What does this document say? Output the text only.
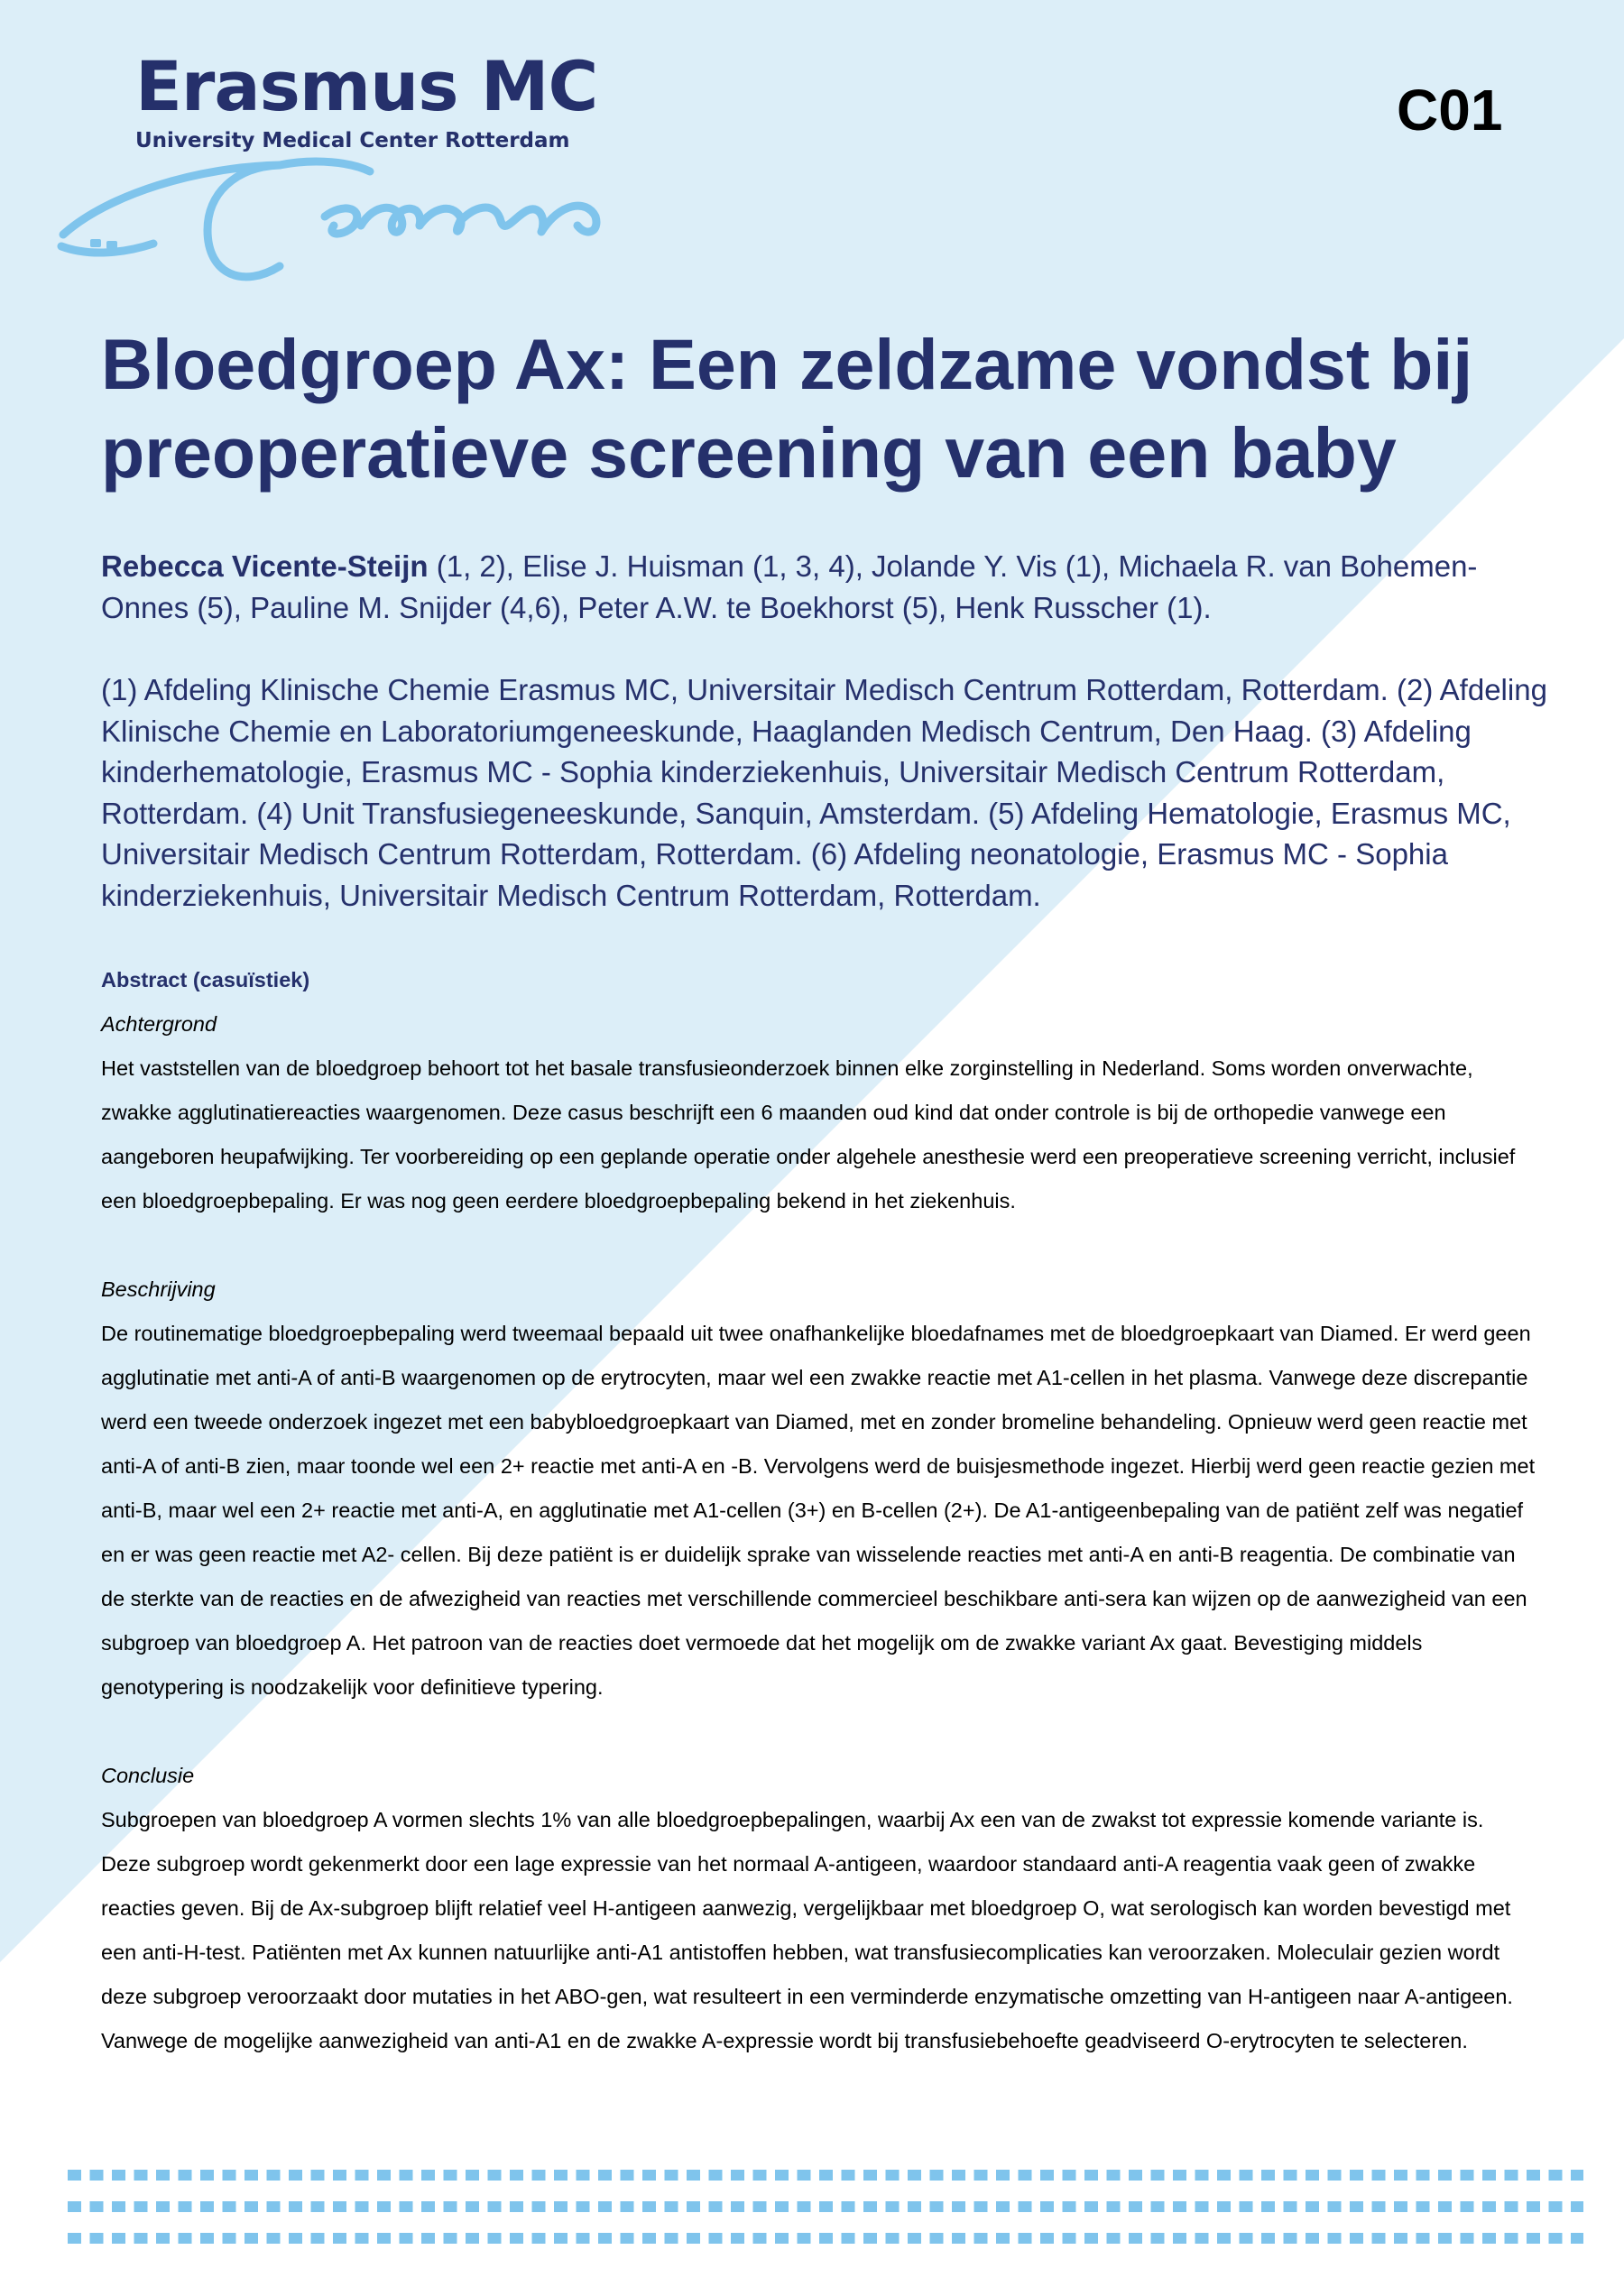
Erasmus MC
University Medical Center Rotterdam	C01
Bloedgroep Ax: Een zeldzame vondst bij preoperatieve screening van een baby

Rebecca Vicente-Steijn (1, 2), Elise J. Huisman (1, 3, 4), Jolande Y. Vis (1), Michaela R. van Bohemen-Onnes (5), Pauline M. Snijder (4,6), Peter A.W. te Boekhorst (5), Henk Russcher (1).

(1) Afdeling Klinische Chemie Erasmus MC, Universitair Medisch Centrum Rotterdam, Rotterdam. (2) Afdeling Klinische Chemie en Laboratoriumgeneeskunde, Haaglanden Medisch Centrum, Den Haag. (3) Afdeling kinderhematologie, Erasmus MC - Sophia kinderziekenhuis, Universitair Medisch Centrum Rotterdam, Rotterdam. (4) Unit Transfusiegeneeskunde, Sanquin, Amsterdam. (5) Afdeling Hematologie, Erasmus MC, Universitair Medisch Centrum Rotterdam, Rotterdam. (6) Afdeling neonatologie, Erasmus MC - Sophia kinderziekenhuis, Universitair Medisch Centrum Rotterdam, Rotterdam.

Abstract (casuïstiek)

Achtergrond

Het vaststellen van de bloedgroep behoort tot het basale transfusieonderzoek binnen elke zorginstelling in Nederland. Soms worden onverwachte, zwakke agglutinatiereacties waargenomen. Deze casus beschrijft een 6 maanden oud kind dat onder controle is bij de orthopedie vanwege een aangeboren heupafwijking. Ter voorbereiding op een geplande operatie onder algehele anesthesie werd een preoperatieve screening verricht, inclusief een bloedgroepbepaling. Er was nog geen eerdere bloedgroepbepaling bekend in het ziekenhuis.

Beschrijving

De routinematige bloedgroepbepaling werd tweemaal bepaald uit twee onafhankelijke bloedafnames met de bloedgroepkaart van Diamed. Er werd geen agglutinatie met anti-A of anti-B waargenomen op de erytrocyten, maar wel een zwakke reactie met A1-cellen in het plasma. Vanwege deze discrepantie werd een tweede onderzoek ingezet met een babybloedgroepkaart van Diamed, met en zonder bromeline behandeling. Opnieuw werd geen reactie met anti-A of anti-B zien, maar toonde wel een 2+ reactie met anti-A en -B. Vervolgens werd de buisjesmethode ingezet. Hierbij werd geen reactie gezien met anti-B, maar wel een 2+ reactie met anti-A, en agglutinatie met A1-cellen (3+) en B-cellen (2+). De A1-antigeenbepaling van de patiënt zelf was negatief en er was geen reactie met A2- cellen. Bij deze patiënt is er duidelijk sprake van wisselende reacties met anti-A en anti-B reagentia. De combinatie van de sterkte van de reacties en de afwezigheid van reacties met verschillende commercieel beschikbare anti-sera kan wijzen op de aanwezigheid van een subgroep van bloedgroep A. Het patroon van de reacties doet vermoede dat het mogelijk om de zwakke variant Ax gaat. Bevestiging middels genotypering is noodzakelijk voor definitieve typering.

Conclusie

Subgroepen van bloedgroep A vormen slechts 1% van alle bloedgroepbepalingen, waarbij Ax een van de zwakst tot expressie komende variante is. Deze subgroep wordt gekenmerkt door een lage expressie van het normaal A-antigeen, waardoor standaard anti-A reagentia vaak geen of zwakke reacties geven. Bij de Ax-subgroep blijft relatief veel H-antigeen aanwezig, vergelijkbaar met bloedgroep O, wat serologisch kan worden bevestigd met een anti-H-test. Patiënten met Ax kunnen natuurlijke anti-A1 antistoffen hebben, wat transfusiecomplicaties kan veroorzaken. Moleculair gezien wordt deze subgroep veroorzaakt door mutaties in het ABO-gen, wat resulteert in een verminderde enzymatische omzetting van H-antigeen naar A-antigeen. Vanwege de mogelijke aanwezigheid van anti-A1 en de zwakke A-expressie wordt bij transfusiebehoefte geadviseerd O-erytrocyten te selecteren.
